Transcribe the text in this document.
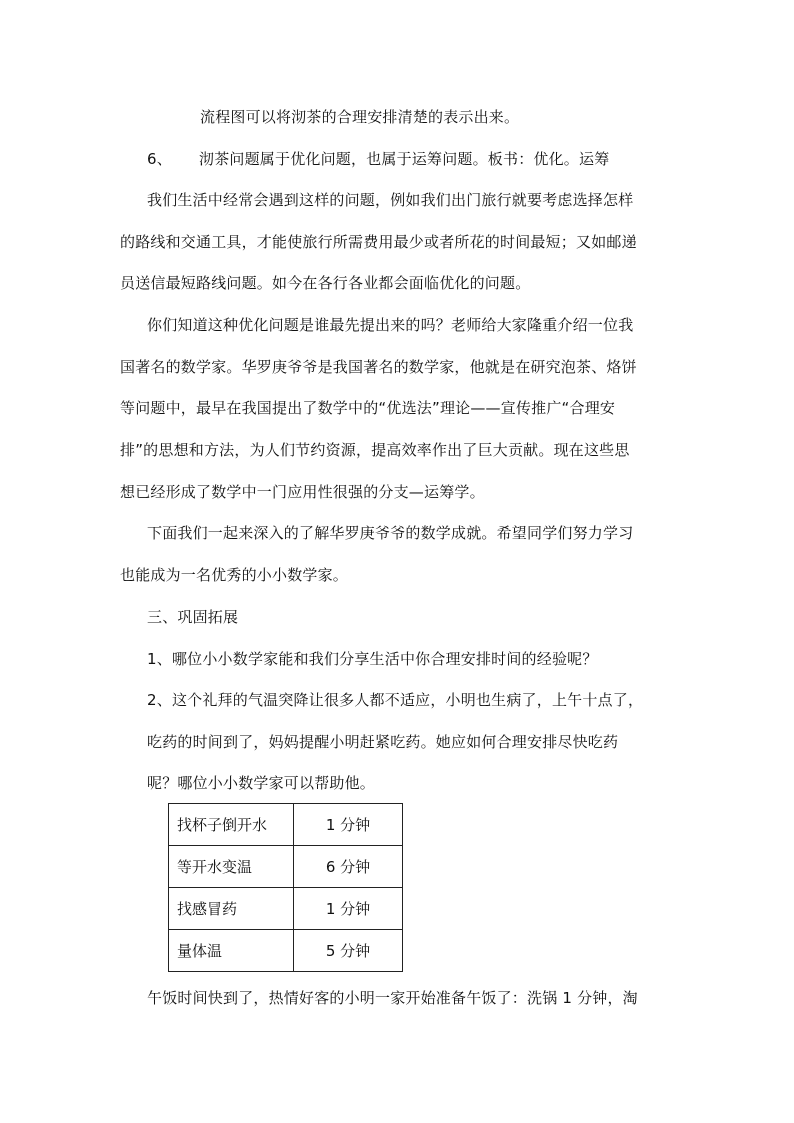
流程图可以将沏茶的合理安排清楚的表示出来。
6、 沏茶问题属于优化问题，也属于运筹问题。板书：优化。运筹
我们生活中经常会遇到这样的问题，例如我们出门旅行就要考虑选择怎样
的路线和交通工具，才能使旅行所需费用最少或者所花的时间最短；又如邮递
员送信最短路线问题。如今在各行各业都会面临优化的问题。
你们知道这种优化问题是谁最先提出来的吗？老师给大家隆重介绍一位我
国著名的数学家。华罗庚爷爷是我国著名的数学家，他就是在研究泡茶、烙饼
等问题中，最早在我国提出了数学中的“优选法”理论——宣传推广“合理安
排”的思想和方法，为人们节约资源，提高效率作出了巨大贡献。现在这些思
想已经形成了数学中一门应用性很强的分支—运筹学。
下面我们一起来深入的了解华罗庚爷爷的数学成就。希望同学们努力学习
也能成为一名优秀的小小数学家。
三、巩固拓展
1、哪位小小数学家能和我们分享生活中你合理安排时间的经验呢？
2、这个礼拜的气温突降让很多人都不适应，小明也生病了，上午十点了，
吃药的时间到了，妈妈提醒小明赶紧吃药。她应如何合理安排尽快吃药
呢？哪位小小数学家可以帮助他。
找杯子倒开水	1 分钟
等开水变温	6 分钟
找感冒药	1 分钟
量体温	5 分钟
午饭时间快到了，热情好客的小明一家开始准备午饭了：洗锅 1 分钟，淘
